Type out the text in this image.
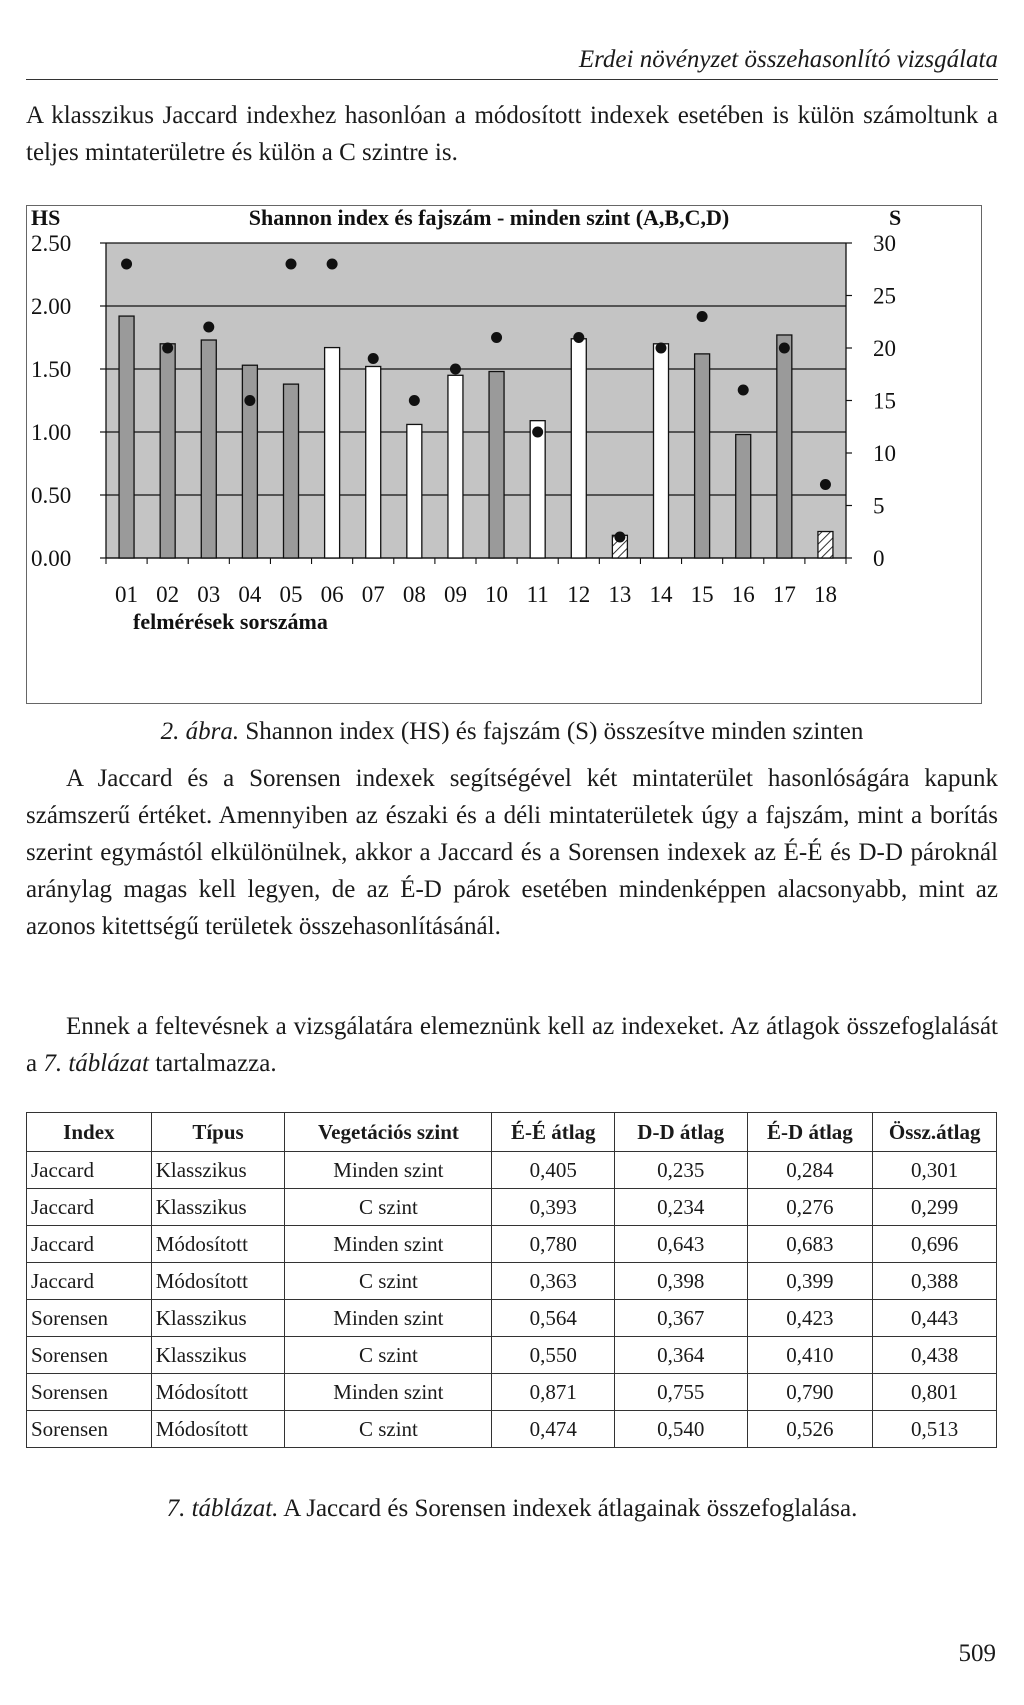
Erdei növényzet összehasonlító vizsgálata
A klasszikus Jaccard indexhez hasonlóan a módosított indexek esetében is külön számoltunk a teljes mintaterületre és külön a C szintre is.
2.50
2.00
1.50
1.00
0.50
0.00
30
25
20
15
10
5
0
01 02 03 04 05 06 07 08 09 10 11 12 13 14 15 16 17 18
HS	S
Shannon index és fajszám - minden szint (A,B,C,D)
felmérések sorszáma
2. ábra. Shannon index (HS) és fajszám (S) összesítve minden szinten
A Jaccard és a Sorensen indexek segítségével két mintaterület hasonlóságára kapunk számszerű értéket. Amennyiben az északi és a déli mintaterületek úgy a fajszám, mint a borítás szerint egymástól elkülönülnek, akkor a Jaccard és a Sorensen indexek az É-É és D-D pároknál aránylag magas kell legyen, de az É-D párok esetében mindenképpen alacsonyabb, mint az azonos kitettségű területek összehasonlításánál.
Ennek a feltevésnek a vizsgálatára elemeznünk kell az indexeket. Az átlagok összefoglalását a 7. táblázat tartalmazza.
Index	Típus	Vegetációs szint	É-É átlag	D-D átlag	É-D átlag	Össz.átlag
Jaccard	Klasszikus	Minden szint	0,405	0,235	0,284	0,301
Jaccard	Klasszikus	C szint	0,393	0,234	0,276	0,299
Jaccard	Módosított	Minden szint	0,780	0,643	0,683	0,696
Jaccard	Módosított	C szint	0,363	0,398	0,399	0,388
Sorensen	Klasszikus	Minden szint	0,564	0,367	0,423	0,443
Sorensen	Klasszikus	C szint	0,550	0,364	0,410	0,438
Sorensen	Módosított	Minden szint	0,871	0,755	0,790	0,801
Sorensen	Módosított	C szint	0,474	0,540	0,526	0,513
7. táblázat. A Jaccard és Sorensen indexek átlagainak összefoglalása.
509
